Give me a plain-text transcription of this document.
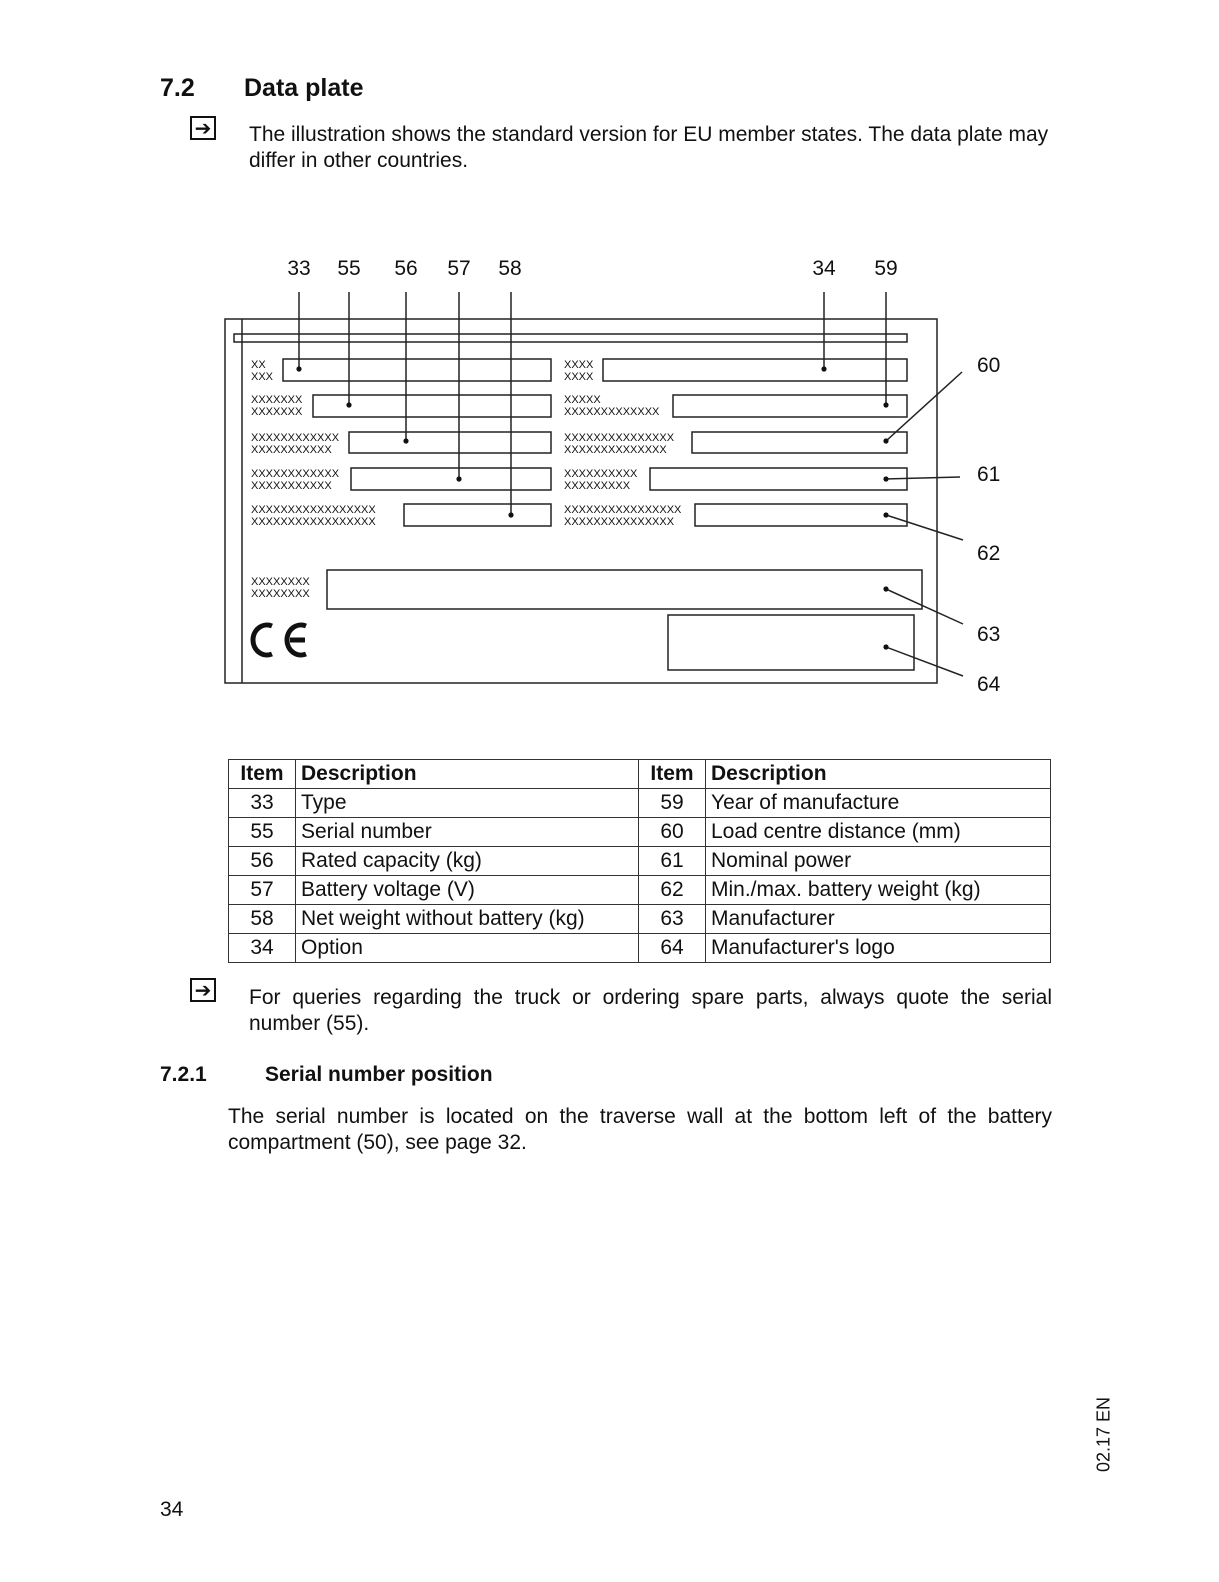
7.2 Data plate
➔ The illustration shows the standard version for EU member states. The data plate may differ in other countries.
33 55 56 57 58	34 59
60
61
62
63
64
XX
XXX
XXXXXXX
XXXXXXX
XXXXXXXXXXXX
XXXXXXXXXXX
XXXXXXXXXXXX
XXXXXXXXXXX
XXXXXXXXXXXXXXXXX
XXXXXXXXXXXXXXXXX
XXXX
XXXX
XXXXX
XXXXXXXXXXXXX
XXXXXXXXXXXXXXX
XXXXXXXXXXXXXX
XXXXXXXXXX
XXXXXXXXX
XXXXXXXXXXXXXXXX
XXXXXXXXXXXXXXX
XXXXXXXX
XXXXXXXX
Item	Description	Item	Description
33	Type	59	Year of manufacture
55	Serial number	60	Load centre distance (mm)
56	Rated capacity (kg)	61	Nominal power
57	Battery voltage (V)	62	Min./max. battery weight (kg)
58	Net weight without battery (kg)	63	Manufacturer
34	Option	64	Manufacturer's logo
➔ For queries regarding the truck or ordering spare parts, always quote the serial number (55).
7.2.1	Serial number position
The serial number is located on the traverse wall at the bottom left of the battery compartment (50), see page 32.
02.17 EN
34
